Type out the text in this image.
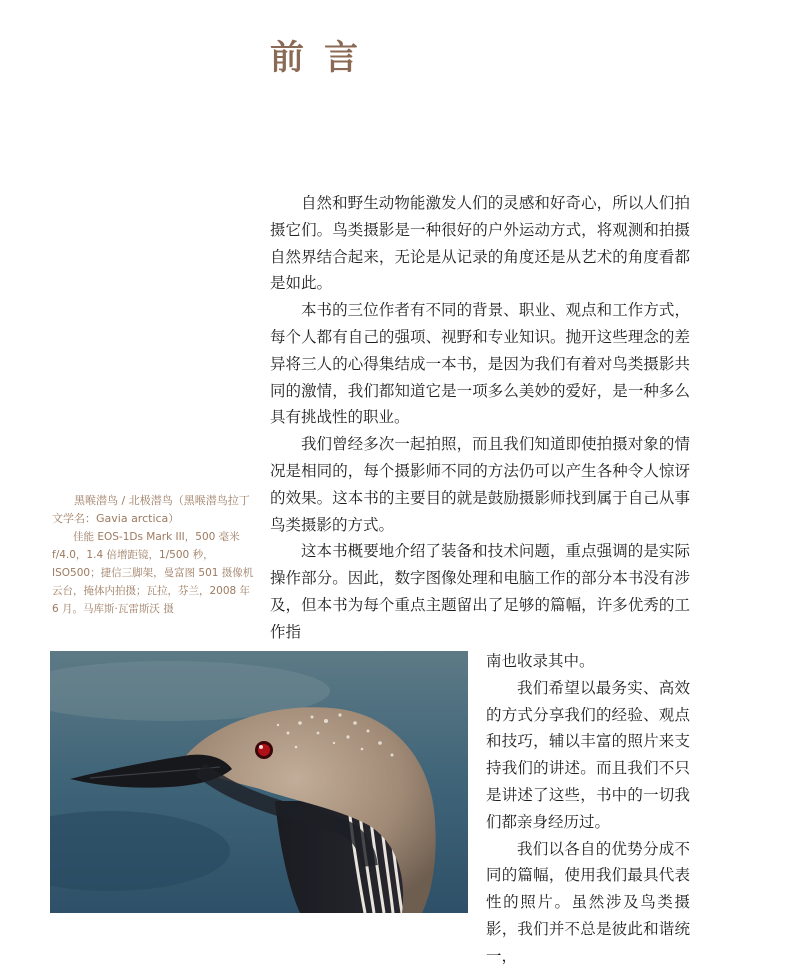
前言

自然和野生动物能激发人们的灵感和好奇心，所以人们拍摄它们。鸟类摄影是一种很好的户外运动方式，将观测和拍摄自然界结合起来，无论是从记录的角度还是从艺术的角度看都是如此。

本书的三位作者有不同的背景、职业、观点和工作方式，每个人都有自己的强项、视野和专业知识。抛开这些理念的差异将三人的心得集结成一本书，是因为我们有着对鸟类摄影共同的激情，我们都知道它是一项多么美妙的爱好，是一种多么具有挑战性的职业。

我们曾经多次一起拍照，而且我们知道即使拍摄对象的情况是相同的，每个摄影师不同的方法仍可以产生各种令人惊讶的效果。这本书的主要目的就是鼓励摄影师找到属于自己从事鸟类摄影的方式。

这本书概要地介绍了装备和技术问题，重点强调的是实际操作部分。因此，数字图像处理和电脑工作的部分本书没有涉及，但本书为每个重点主题留出了足够的篇幅，许多优秀的工作指

黑喉潜鸟 / 北极潜鸟（黑喉潜鸟拉丁文学名：Gavia arctica）

佳能 EOS-1Ds Mark III，500 毫米 f/4.0，1.4 倍增距镜，1/500 秒，ISO500；捷信三脚架，曼富图 501 摄像机云台，掩体内拍摄；瓦拉，芬兰，2008 年 6 月。马库斯·瓦雷斯沃 摄

南也收录其中。

我们希望以最务实、高效的方式分享我们的经验、观点和技巧，辅以丰富的照片来支持我们的讲述。而且我们不只是讲述了这些，书中的一切我们都亲身经历过。

我们以各自的优势分成不同的篇幅，使用我们最具代表性的照片。虽然涉及鸟类摄影，我们并不总是彼此和谐统一，
